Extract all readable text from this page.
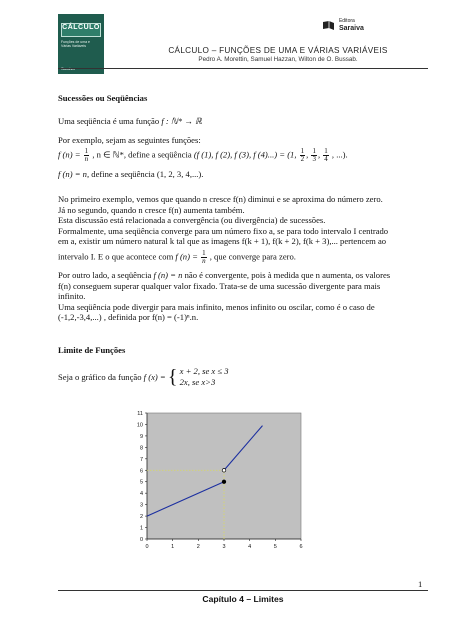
CÁLCULO
Funções de uma e
Várias Variáveis

Editora
Saraiva
CÁLCULO – FUNÇÕES DE UMA E VÁRIAS VARIÁVEIS
Pedro A. Morettin, Samuel Hazzan, Wilton de O. Bussab.
Sucessões ou Seqüências
Uma seqüência é uma função f : ℕ* → ℝ
Por exemplo, sejam as seguintes funções:
f $(n) = \frac{1}{n}$ , n ∈ ℕ*, define a seqüência (f (1), f (2), f (3), f (4)...) = (1, $\frac{1}{2}$ , $\frac{1}{3}$ , $\frac{1}{4}$ , ...).
f (n) = n, define a seqüência (1, 2, 3, 4,...).
No primeiro exemplo, vemos que quando n cresce f(n) diminui e se aproxima do número zero.
Já no segundo, quando n cresce f(n) aumenta também.
Esta discussão está relacionada a convergência (ou divergência) de sucessões.
Formalmente, uma seqüência converge para um número fixo a, se para todo intervalo I centrado
em a, existir um número natural k tal que as imagens f(k + 1), f(k + 2), f(k + 3),... pertencem ao
intervalo I. E o que acontece com f $(n) = \frac{1}{n}$ , que converge para zero.
Por outro lado, a seqüência f (n) = n não é convergente, pois à medida que n aumenta, os valores
f(n) conseguem superar qualquer valor fixado. Trata-se de uma sucessão divergente para mais
infinito.
Uma seqüência pode divergir para mais infinito, menos infinito ou oscilar, como é o caso de
(-1,2,-3,4,...) , definida por f(n) = (-1)ⁿ.n.
Limite de Funções
Seja o gráfico da função f (x) = { x + 2, se x ≤ 3
2x, se x>3
0
1
2
3
4
5
6
7
8
9
10
11
0	1	2	3	4	5	6
1
Capítulo 4 – Limites
